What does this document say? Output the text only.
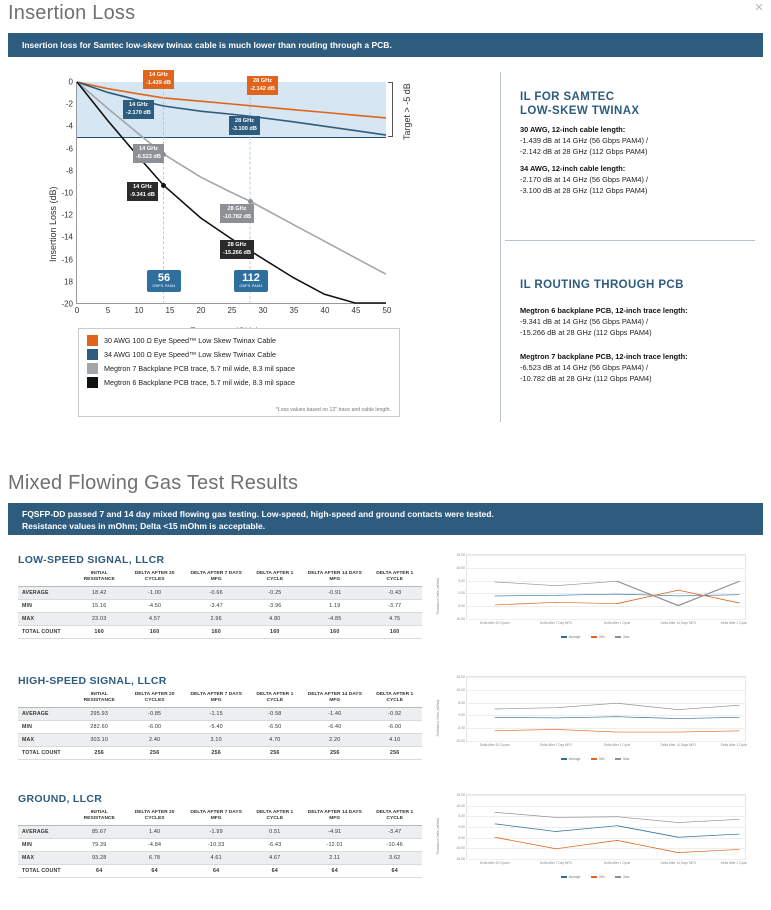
×
Insertion Loss
Insertion loss for Samtec low-skew twinax cable is much lower than routing through a PCB.
Insertion Loss (dB)
0
-2
-4
-6
-8
-10
-12
-14
-16
18
-20
0	5	10	15	20	25	30	35	40	45	50
14 GHz
-1.439 dB	28 GHz
-2.142 dB
14 GHz
-2.170 dB
28 GHz
-3.100 dB
14 GHz
-6.523 dB
14 GHz
-9.341 dB
28 GHz
-10.782 dB
28 GHz
-15.266 dB
56
GBPS PAM4
112
GBPS PAM4
Target > -5 dB
30 AWG 100 Ω Eye Speed™ Low Skew Twinax Cable
34 AWG 100 Ω Eye Speed™ Low Skew Twinax Cable
Megtron 7 Backplane PCB trace, 5.7 mil wide, 8.3 mil space
Megtron 6 Backplane PCB trace, 5.7 mil wide, 8.3 mil space
*Loss values based on 12" trace and cable length.
IL FOR SAMTEC
LOW-SKEW TWINAX
30 AWG, 12-inch cable length:
-1.439 dB at 14 GHz (56 Gbps PAM4) /
-2.142 dB at 28 GHz (112 Gbps PAM4)
34 AWG, 12-inch cable length:
-2.170 dB at 14 GHz (56 Gbps PAM4) /
-3.100 dB at 28 GHz (112 Gbps PAM4)
IL ROUTING THROUGH PCB
Megtron 6 backplane PCB, 12-inch trace length:
-9.341 dB at 14 GHz (56 Gbps PAM4) /
-15.266 dB at 28 GHz (112 Gbps PAM4)
Megtron 7 backplane PCB, 12-inch trace length:
-6.523 dB at 14 GHz (56 Gbps PAM4) /
-10.782 dB at 28 GHz (112 Gbps PAM4)
Mixed Flowing Gas Test Results
FQSFP-DD passed 7 and 14 day mixed flowing gas testing. Low-speed, high-speed and ground contacts were tested.
Resistance values in mOhm; Delta <15 mOhm is acceptable.
LOW-SPEED SIGNAL, LLCR
	INITIAL RESISTANCE	DELTA AFTER 20 CYCLES	DELTA AFTER 7 DAYS MFG	DELTA AFTER 1 CYCLE	DELTA AFTER 14 DAYS MFG	DELTA AFTER 1 CYCLE
AVERAGE	18.42	-1.00	-0.66	-0.25	-0.91	-0.43
MIN	15.16	-4.50	-3.47	-3.96	1.19	-3.77
MAX	23.03	4.57	2.96	4.80	-4.85	4.75
TOTAL COUNT	160	160	160	160	160	160
Resistance Delta (mOhm)
15.00
10.00
5.00
0.00
-5.00
-10.00
Delta After 20 Cycles	Delta After 7 Day MFG	Delta After 1 Cycle	Delta After 14 Days MFG	Delta After 1 Cycle
Average	Min	Max
HIGH-SPEED SIGNAL, LLCR
	INITIAL RESISTANCE	DELTA AFTER 20 CYCLES	DELTA AFTER 7 DAYS MFG	DELTA AFTER 1 CYCLE	DELTA AFTER 14 DAYS MFG	DELTA AFTER 1 CYCLE
AVERAGE	295.93	-0.85	-1.15	-0.58	-1.40	-0.92
MIN	282.60	-6.00	-5.40	-6.50	-6.40	-6.00
MAX	303.10	2.40	3.10	4.70	2.20	4.10
TOTAL COUNT	256	256	256	256	256	256
Resistance Delta (mOhm)
15.00
10.00
5.00
0.00
-5.00
-10.00
Delta After 20 Cycles	Delta After 7 Day MFG	Delta After 1 Cycle	Delta After 14 Days MFG	Delta After 1 Cycle
Average	Min	Max
GROUND, LLCR
	INITIAL RESISTANCE	DELTA AFTER 20 CYCLES	DELTA AFTER 7 DAYS MFG	DELTA AFTER 1 CYCLE	DELTA AFTER 14 DAYS MFG	DELTA AFTER 1 CYCLE
AVERAGE	85.67	1.40	-1.99	0.51	-4.91	-3.47
MIN	79.39	-4.84	-10.33	-6.43	-12.01	-10.46
MAX	93.28	6.78	4.61	4.67	2.11	3.62
TOTAL COUNT	64	64	64	64	64	64
Resistance Delta (mOhm)
15.00
10.00
5.00
0.00
-5.00
-10.00
-15.00
Delta After 20 Cycles	Delta After 7 Day MFG	Delta After 1 Cycle	Delta After 14 Days MFG	Delta After 1 Cycle
Average	Min	Max
